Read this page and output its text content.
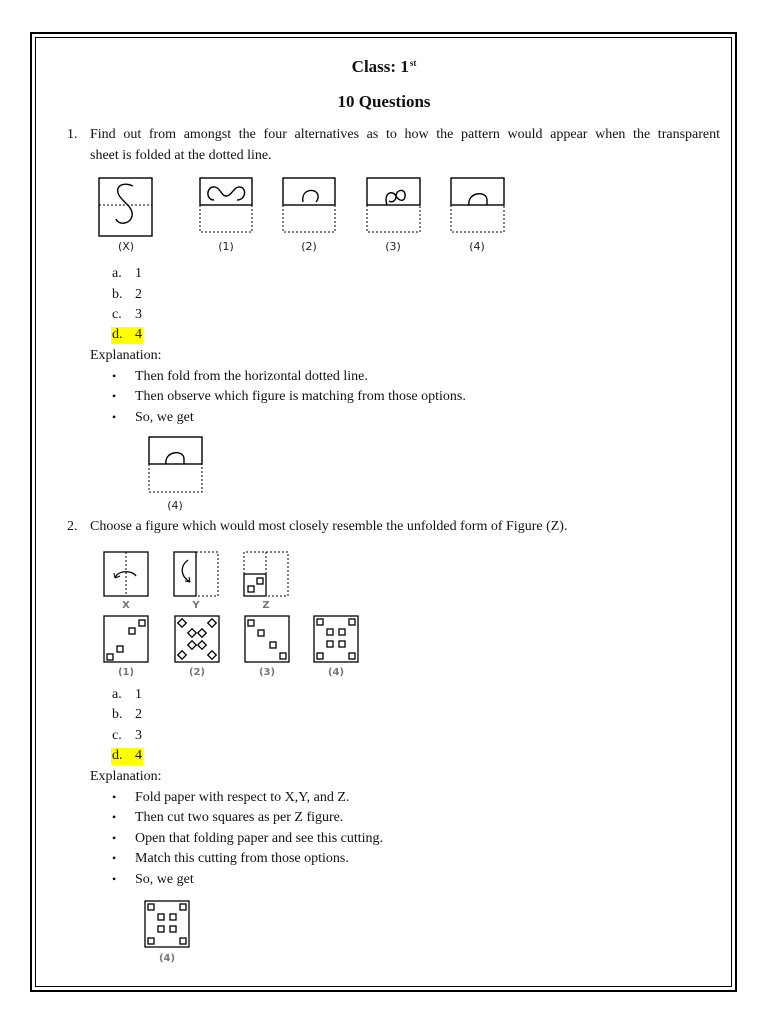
Class: 1st
10 Questions
1. Find out from amongst the four alternatives as to how the pattern would appear when the transparent
sheet is folded at the dotted line.
(X)	(1)	(2)	(3)	(4)
a. 1
b. 2
c. 3
d. 4
Explanation:
• Then fold from the horizontal dotted line.
• Then observe which figure is matching from those options.
• So, we get
(4)
2. Choose a figure which would most closely resemble the unfolded form of Figure (Z).
X	Y	Z
(1)	(2)	(3)	(4)
a. 1
b. 2
c. 3
d. 4
Explanation:
• Fold paper with respect to X,Y, and Z.
• Then cut two squares as per Z figure.
• Open that folding paper and see this cutting.
• Match this cutting from those options.
• So, we get
(4)
